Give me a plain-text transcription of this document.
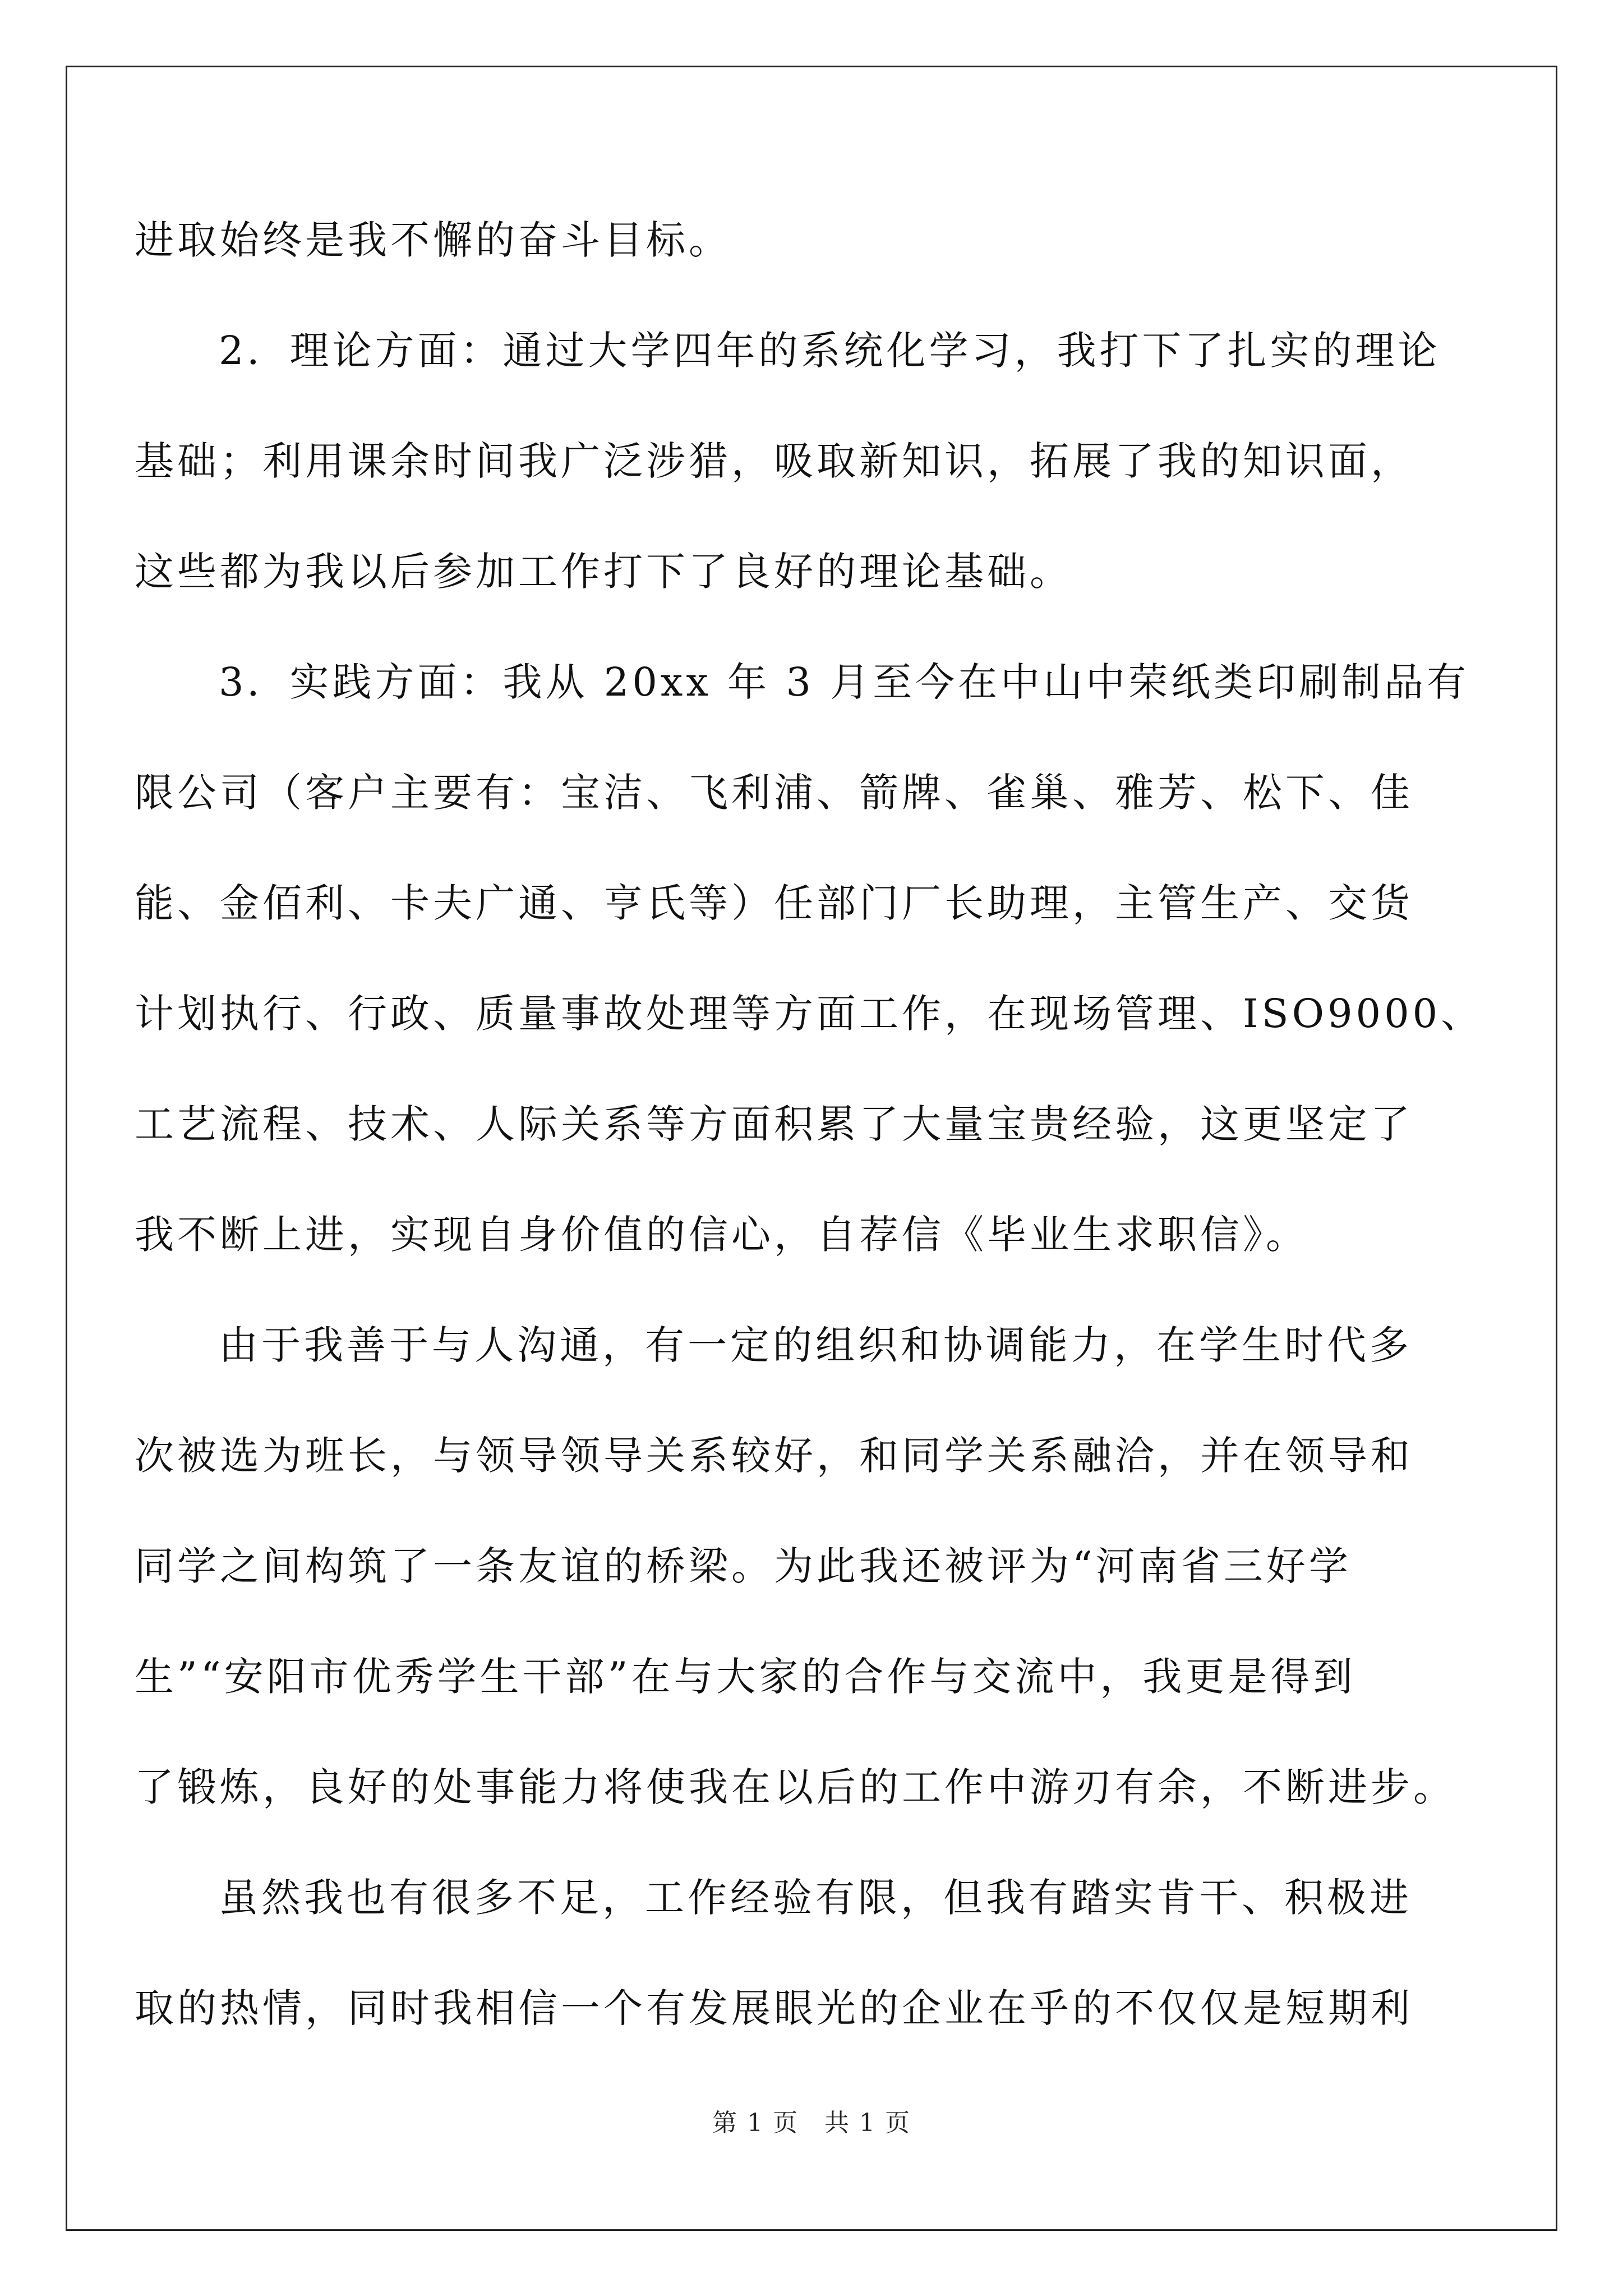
进取始终是我不懈的奋斗目标。
2．理论方面：通过大学四年的系统化学习，我打下了扎实的理论
基础；利用课余时间我广泛涉猎，吸取新知识，拓展了我的知识面，
这些都为我以后参加工作打下了良好的理论基础。
3．实践方面：我从 20xx 年 3 月至今在中山中荣纸类印刷制品有
限公司（客户主要有：宝洁、飞利浦、箭牌、雀巢、雅芳、松下、佳
能、金佰利、卡夫广通、亨氏等）任部门厂长助理，主管生产、交货
计划执行、行政、质量事故处理等方面工作，在现场管理、ISO9000、
工艺流程、技术、人际关系等方面积累了大量宝贵经验，这更坚定了
我不断上进，实现自身价值的信心，自荐信《毕业生求职信》。
由于我善于与人沟通，有一定的组织和协调能力，在学生时代多
次被选为班长，与领导领导关系较好，和同学关系融洽，并在领导和
同学之间构筑了一条友谊的桥梁。为此我还被评为“河南省三好学
生”“安阳市优秀学生干部”在与大家的合作与交流中，我更是得到
了锻炼，良好的处事能力将使我在以后的工作中游刃有余，不断进步。
虽然我也有很多不足，工作经验有限，但我有踏实肯干、积极进
取的热情，同时我相信一个有发展眼光的企业在乎的不仅仅是短期利
第 1 页　共 1 页
